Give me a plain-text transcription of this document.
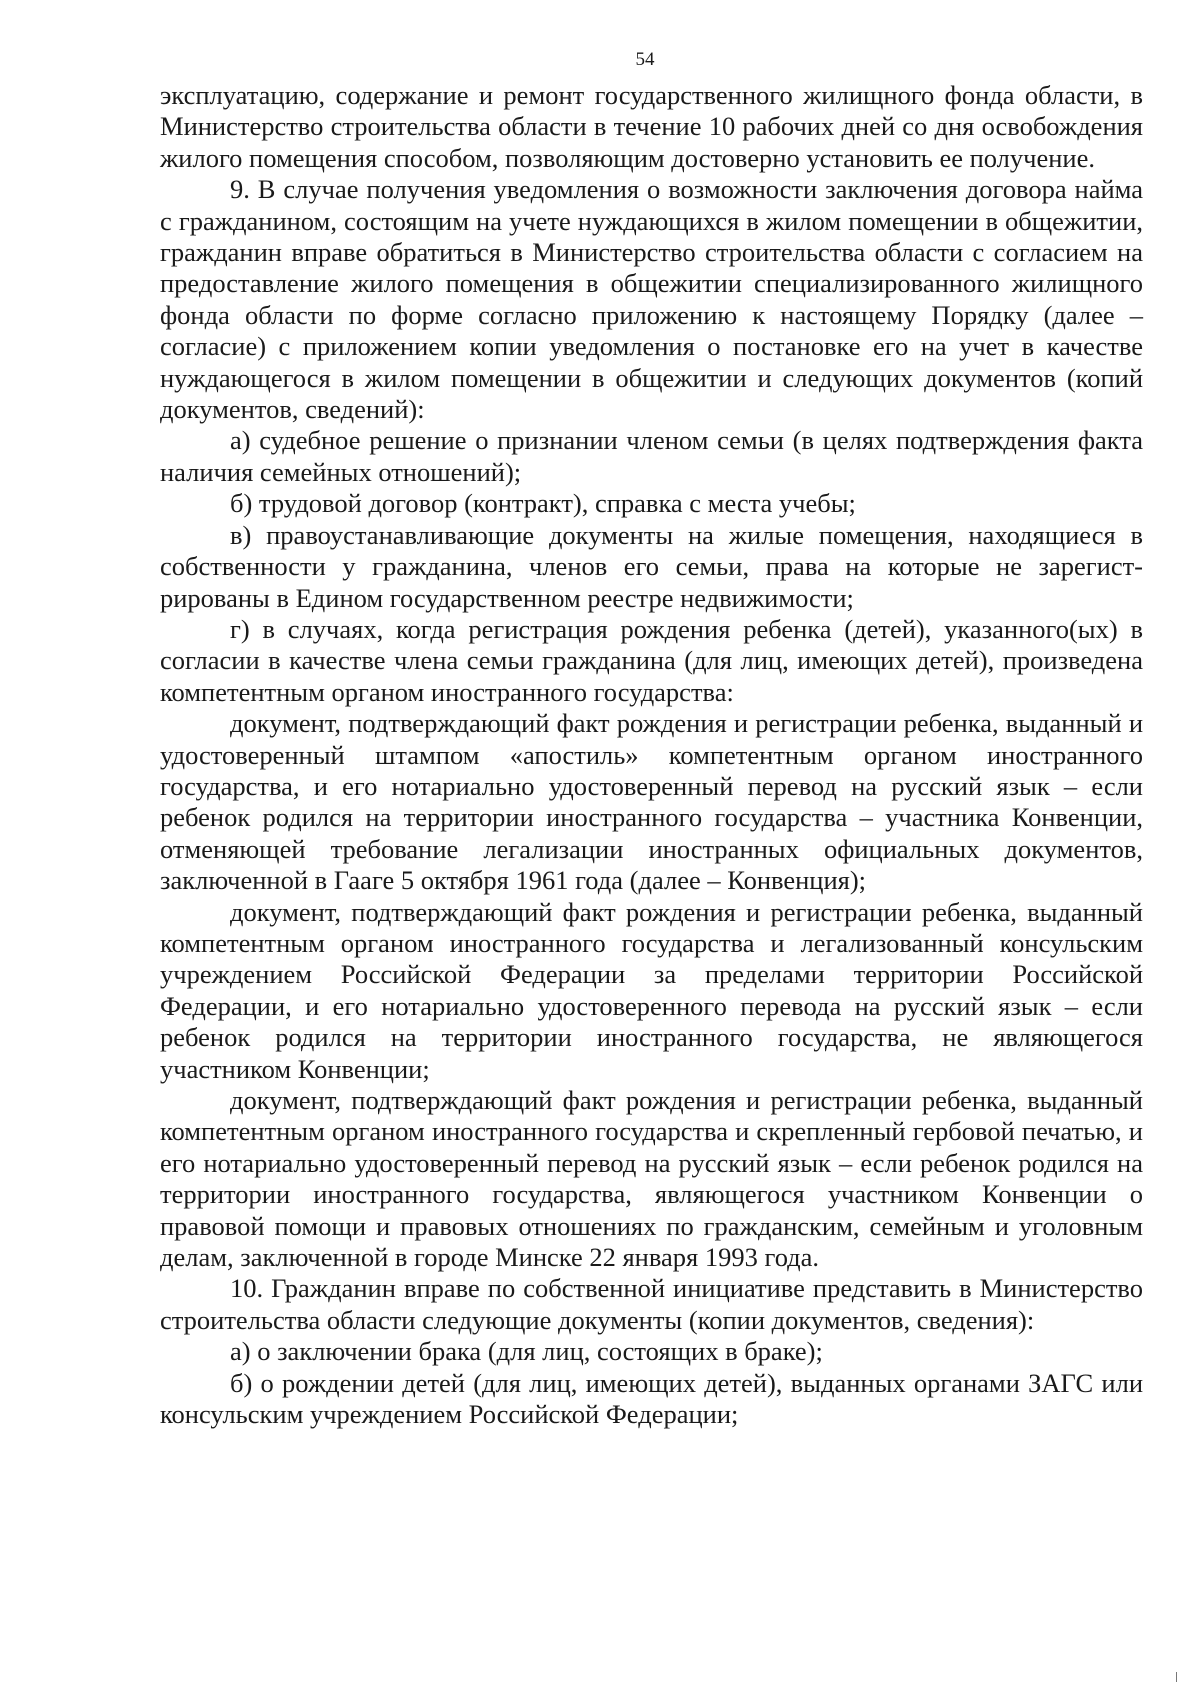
54

эксплуатацию, содержание и ремонт государственного жилищного фонда области, в Министерство строительства области в течение 10 рабочих дней со дня освобождения жилого помещения способом, позволяющим достоверно установить ее получение.

9. В случае получения уведомления о возможности заключения договора найма с гражданином, состоящим на учете нуждающихся в жилом помещении в общежитии, гражданин вправе обратиться в Министерство строительства области с согласием на предоставление жилого помещения в общежитии специализированного жилищного фонда области по форме согласно приложению к настоящему Порядку (далее – согласие) с приложением копии уведомления о постановке его на учет в качестве нуждающегося в жилом помещении в общежитии и следующих документов (копий документов, сведений):

а) судебное решение о признании членом семьи (в целях подтверждения факта наличия семейных отношений);

б) трудовой договор (контракт), справка с места учебы;

в) правоустанавливающие документы на жилые помещения, находящиеся в собственности у гражданина, членов его семьи, права на которые не зарегистрированы в Едином государственном реестре недвижимости;

г) в случаях, когда регистрация рождения ребенка (детей), указанного(ых) в согласии в качестве члена семьи гражданина (для лиц, имеющих детей), произведена компетентным органом иностранного государства:

документ, подтверждающий факт рождения и регистрации ребенка, выданный и удостоверенный штампом «апостиль» компетентным органом иностранного государства, и его нотариально удостоверенный перевод на русский язык – если ребенок родился на территории иностранного государства – участника Конвенции, отменяющей требование легализации иностранных официальных документов, заключенной в Гааге 5 октября 1961 года (далее – Конвенция);

документ, подтверждающий факт рождения и регистрации ребенка, выданный компетентным органом иностранного государства и легализованный консульским учреждением Российской Федерации за пределами территории Российской Федерации, и его нотариально удостоверенного перевода на русский язык – если ребенок родился на территории иностранного государства, не являющегося участником Конвенции;

документ, подтверждающий факт рождения и регистрации ребенка, выданный компетентным органом иностранного государства и скрепленный гербовой печатью, и его нотариально удостоверенный перевод на русский язык – если ребенок родился на территории иностранного государства, являющегося участником Конвенции о правовой помощи и правовых отношениях по гражданским, семейным и уголовным делам, заключенной в городе Минске 22 января 1993 года.

10. Гражданин вправе по собственной инициативе представить в Министерство строительства области следующие документы (копии документов, сведения):

а) о заключении брака (для лиц, состоящих в браке);

б) о рождении детей (для лиц, имеющих детей), выданных органами ЗАГС или консульским учреждением Российской Федерации;
